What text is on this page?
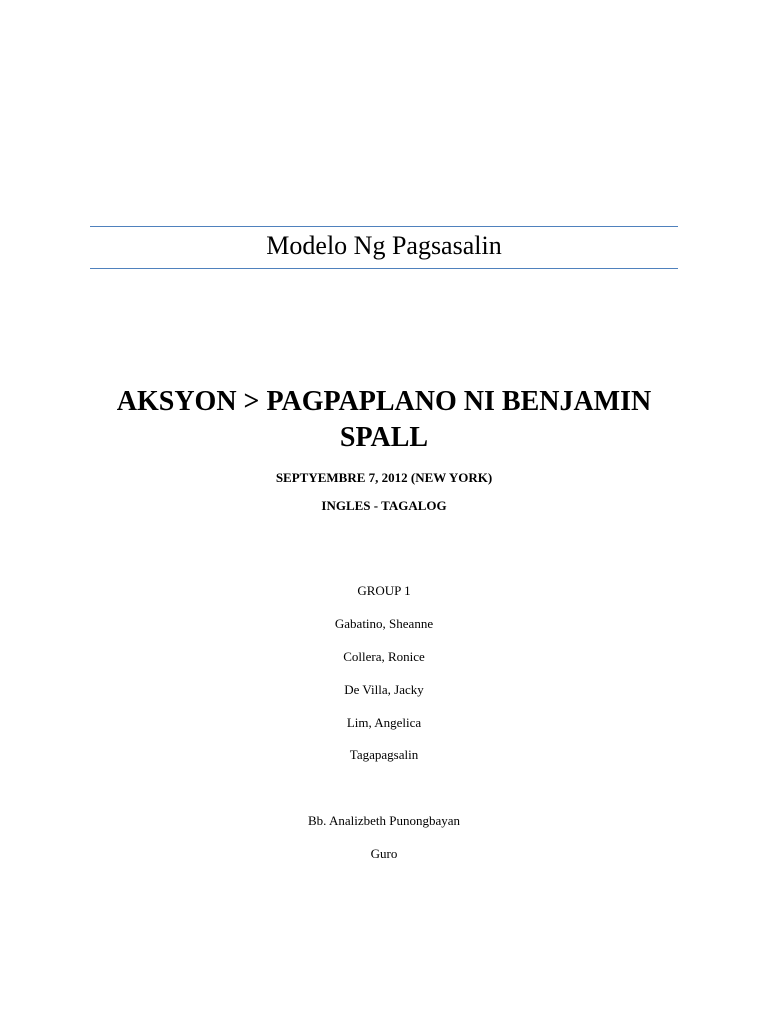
Modelo Ng Pagsasalin
AKSYON > PAGPAPLANO NI BENJAMIN
SPALL
SEPTYEMBRE 7, 2012 (NEW YORK)
INGLES - TAGALOG
GROUP 1
Gabatino, Sheanne
Collera, Ronice
De Villa, Jacky
Lim, Angelica
Tagapagsalin
Bb. Analizbeth Punongbayan
Guro
